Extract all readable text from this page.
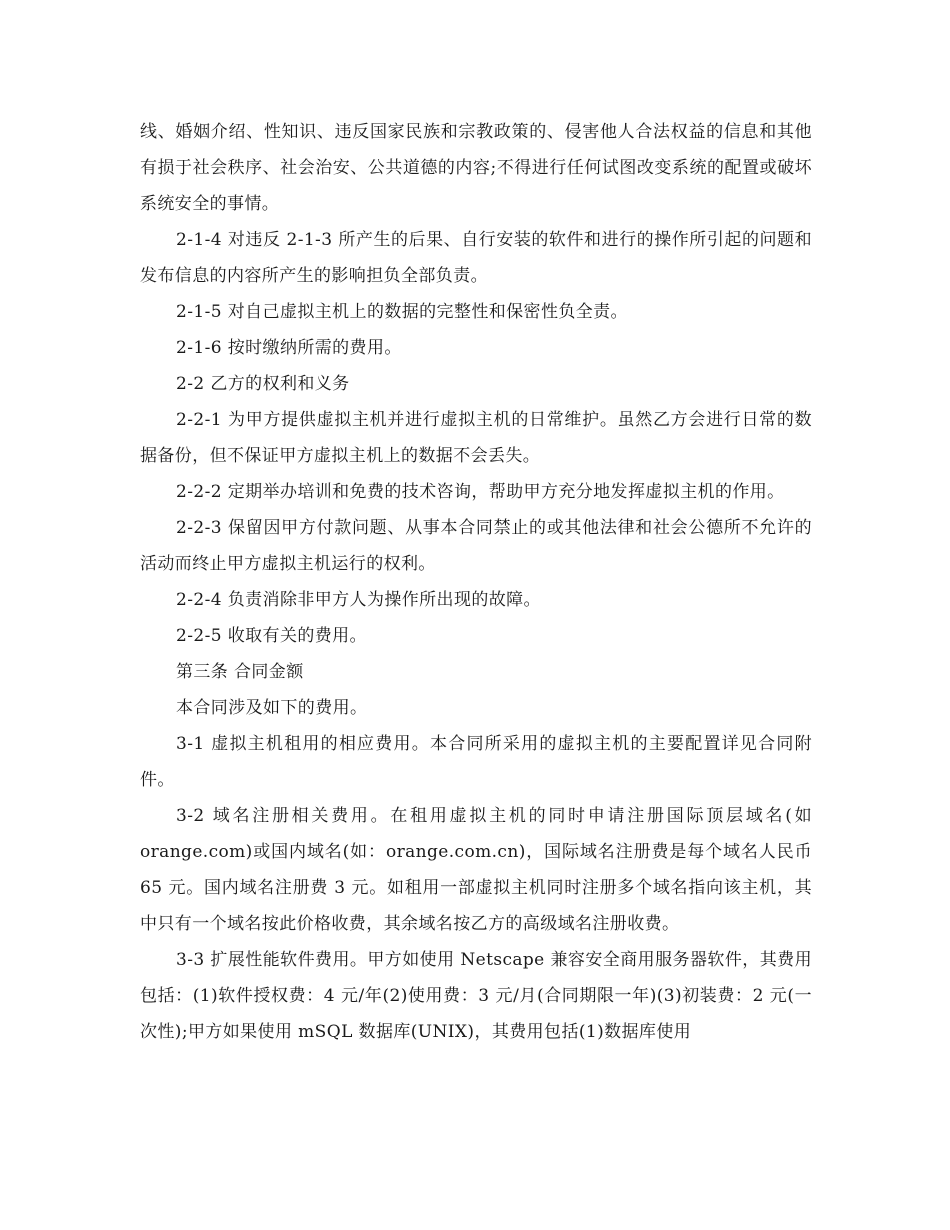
线、婚姻介绍、性知识、违反国家民族和宗教政策的、侵害他人合法权益的信息和其他有损于社会秩序、社会治安、公共道德的内容;不得进行任何试图改变系统的配置或破坏系统安全的事情。

2-1-4 对违反 2-1-3 所产生的后果、自行安装的软件和进行的操作所引起的问题和发布信息的内容所产生的影响担负全部负责。

2-1-5 对自己虚拟主机上的数据的完整性和保密性负全责。

2-1-6 按时缴纳所需的费用。

2-2 乙方的权利和义务

2-2-1 为甲方提供虚拟主机并进行虚拟主机的日常维护。虽然乙方会进行日常的数据备份，但不保证甲方虚拟主机上的数据不会丢失。

2-2-2 定期举办培训和免费的技术咨询，帮助甲方充分地发挥虚拟主机的作用。

2-2-3 保留因甲方付款问题、从事本合同禁止的或其他法律和社会公德所不允许的活动而终止甲方虚拟主机运行的权利。

2-2-4 负责消除非甲方人为操作所出现的故障。

2-2-5 收取有关的费用。

第三条 合同金额

本合同涉及如下的费用。

3-1 虚拟主机租用的相应费用。本合同所采用的虚拟主机的主要配置详见合同附件。

3-2 域名注册相关费用。在租用虚拟主机的同时申请注册国际顶层域名(如 orange.com)或国内域名(如：orange.com.cn)，国际域名注册费是每个域名人民币 65 元。国内域名注册费 3 元。如租用一部虚拟主机同时注册多个域名指向该主机，其中只有一个域名按此价格收费，其余域名按乙方的高级域名注册收费。

3-3 扩展性能软件费用。甲方如使用 Netscape 兼容安全商用服务器软件，其费用包括：(1)软件授权费：4 元/年(2)使用费：3 元/月(合同期限一年)(3)初装费：2 元(一次性);甲方如果使用 mSQL 数据库(UNIX)，其费用包括(1)数据库使用
